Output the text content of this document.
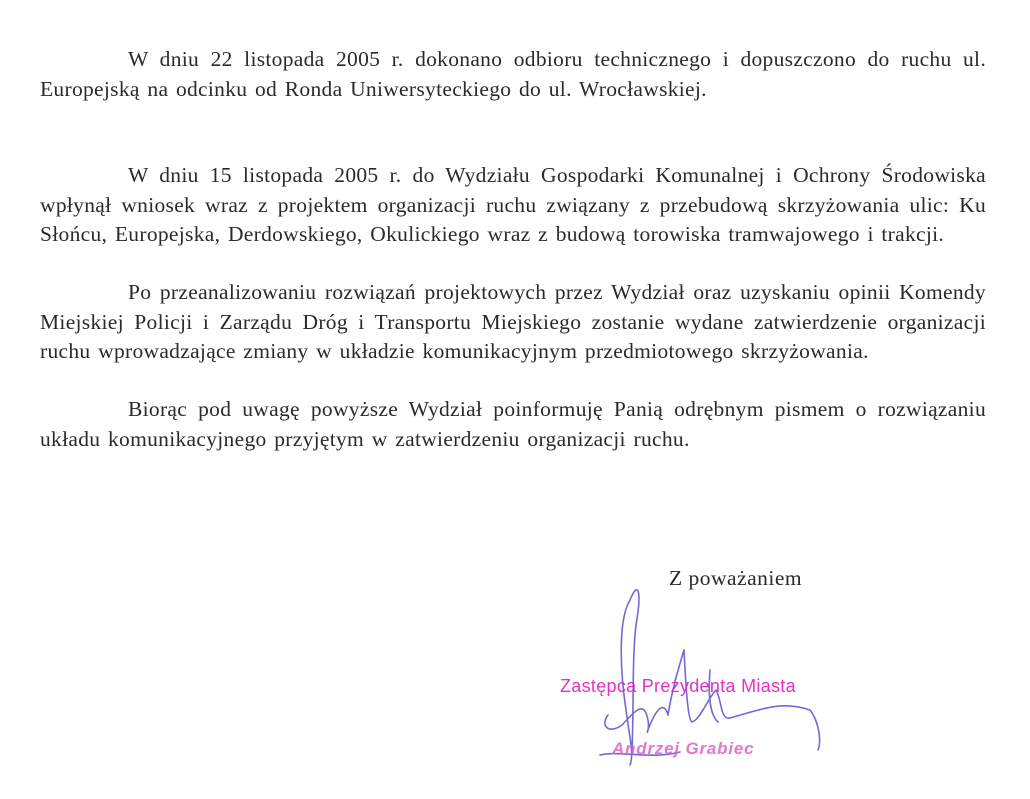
W dniu 22 listopada 2005 r. dokonano odbioru technicznego i dopuszczono do ruchu ul. Europejską na odcinku od Ronda Uniwersyteckiego do ul. Wrocławskiej.

W dniu 15 listopada 2005 r. do Wydziału Gospodarki Komunalnej i Ochrony Środowiska wpłynął wniosek wraz z projektem organizacji ruchu związany z przebudową skrzyżowania ulic: Ku Słońcu, Europejska, Derdowskiego, Okulickiego wraz z budową torowiska tramwajowego i trakcji.

Po przeanalizowaniu rozwiązań projektowych przez Wydział oraz uzyskaniu opinii Komendy Miejskiej Policji i Zarządu Dróg i Transportu Miejskiego zostanie wydane zatwierdzenie organizacji ruchu wprowadzające zmiany w układzie komunikacyjnym przedmiotowego skrzyżowania.

Biorąc pod uwagę powyższe Wydział poinformuję Panią odrębnym pismem o rozwiązaniu układu komunikacyjnego przyjętym w zatwierdzeniu organizacji ruchu.

Z poważaniem

Zastępca Prezydenta Miasta

Andrzej Grabiec
